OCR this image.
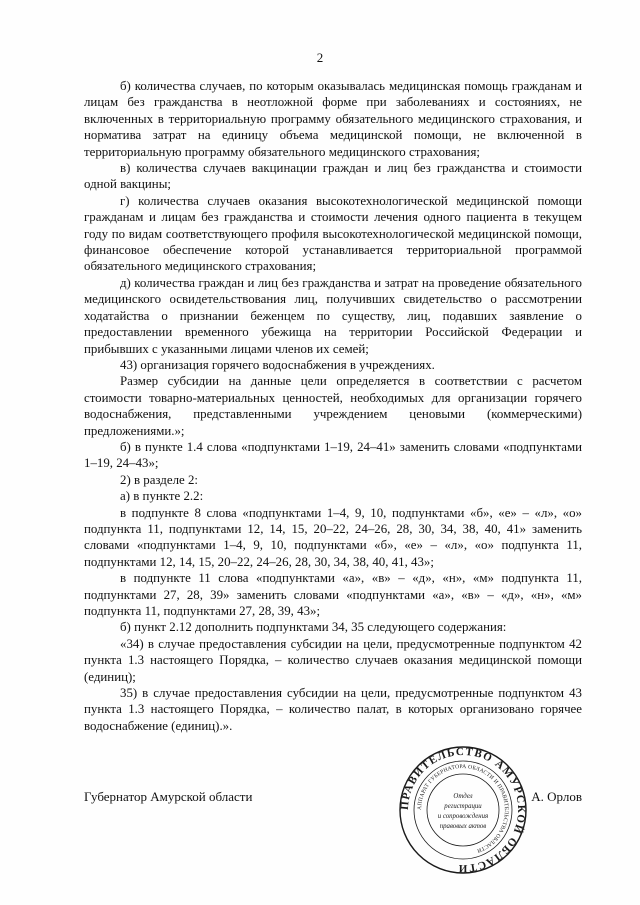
2

б) количества случаев, по которым оказывалась медицинская помощь гражданам и лицам без гражданства в неотложной форме при заболеваниях и состояниях, не включенных в территориальную программу обязательного медицинского страхования, и норматива затрат на единицу объема медицинской помощи, не включенной в территориальную программу обязательного медицинского страхования;

в) количества случаев вакцинации граждан и лиц без гражданства и стоимости одной вакцины;

г) количества случаев оказания высокотехнологической медицинской помощи гражданам и лицам без гражданства и стоимости лечения одного пациента в текущем году по видам соответствующего профиля высокотехнологической медицинской помощи, финансовое обеспечение которой устанавливается территориальной программой обязательного медицинского страхования;

д) количества граждан и лиц без гражданства и затрат на проведение обязательного медицинского освидетельствования лиц, получивших свидетельство о рассмотрении ходатайства о признании беженцем по существу, лиц, подавших заявление о предоставлении временного убежища на территории Российской Федерации и прибывших с указанными лицами членов их семей;

43) организация горячего водоснабжения в учреждениях.

Размер субсидии на данные цели определяется в соответствии с расчетом стоимости товарно-материальных ценностей, необходимых для организации горячего водоснабжения, представленными учреждением ценовыми (коммерческими) предложениями.»;

б) в пункте 1.4 слова «подпунктами 1–19, 24–41» заменить словами «подпунктами 1–19, 24–43»;

2) в разделе 2:

а) в пункте 2.2:

в подпункте 8 слова «подпунктами 1–4, 9, 10, подпунктами «б», «е» – «л», «о» подпункта 11, подпунктами 12, 14, 15, 20–22, 24–26, 28, 30, 34, 38, 40, 41» заменить словами «подпунктами 1–4, 9, 10, подпунктами «б», «е» – «л», «о» подпункта 11, подпунктами 12, 14, 15, 20–22, 24–26, 28, 30, 34, 38, 40, 41, 43»;

в подпункте 11 слова «подпунктами «а», «в» – «д», «н», «м» подпункта 11, подпунктами 27, 28, 39» заменить словами «подпунктами «а», «в» – «д», «н», «м» подпункта 11, подпунктами 27, 28, 39, 43»;

б) пункт 2.12 дополнить подпунктами 34, 35 следующего содержания:

«34) в случае предоставления субсидии на цели, предусмотренные подпунктом 42 пункта 1.3 настоящего Порядка, – количество случаев оказания медицинской помощи (единиц);

35) в случае предоставления субсидии на цели, предусмотренные подпунктом 43 пункта 1.3 настоящего Порядка, – количество палат, в которых организовано горячее водоснабжение (единиц).».

Губернатор Амурской области	А. Орлов
ПРАВИТЕЛЬСТВО АМУРСКОЙ ОБЛАСТИ
АППАРАТ ГУБЕРНАТОРА ОБЛАСТИ И ПРАВИТЕЛЬСТВА ОБЛАСТИ
Отдел
регистрации
и сопровождения
правовых актов
